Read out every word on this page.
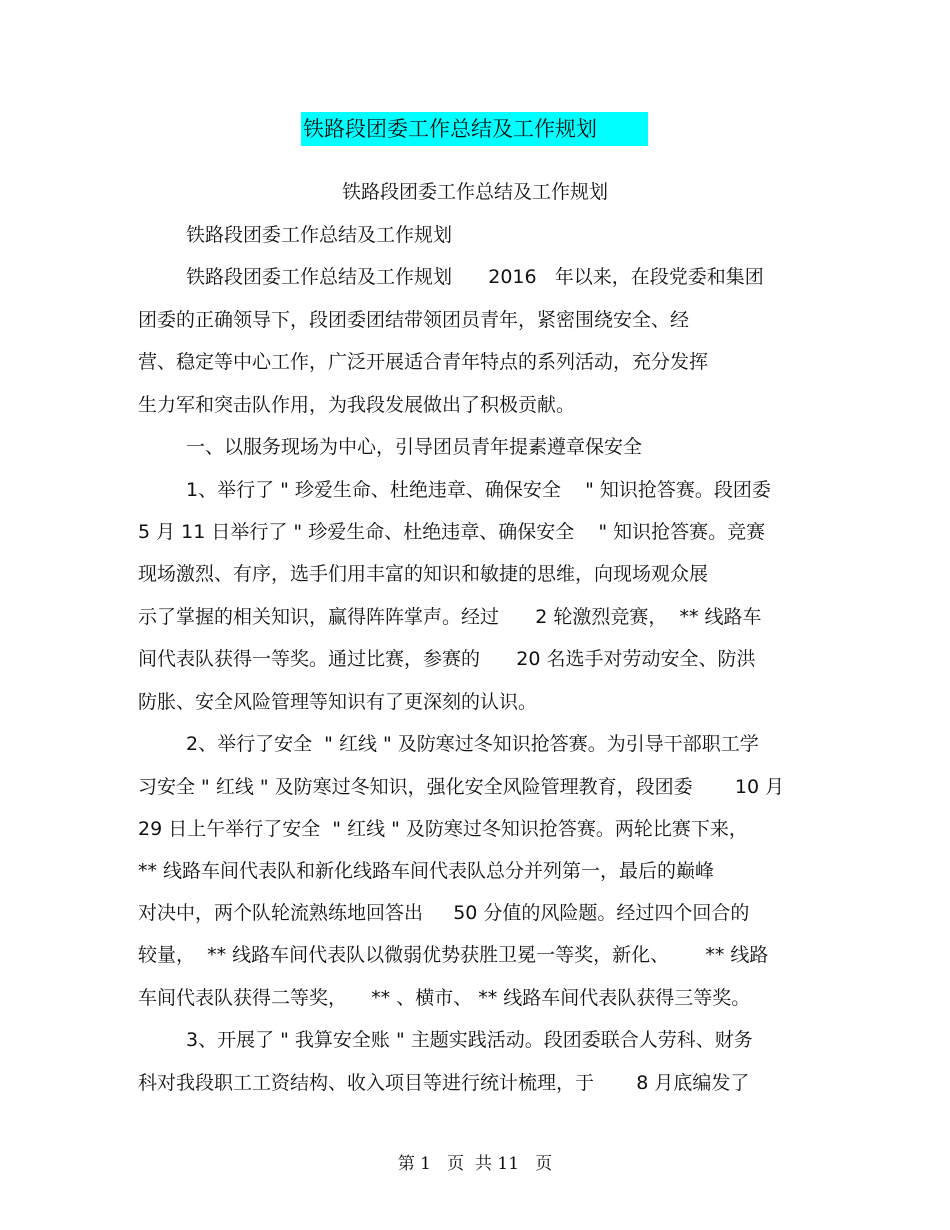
铁路段团委工作总结及工作规划
铁路段团委工作总结及工作规划
铁路段团委工作总结及工作规划
铁路段团委工作总结及工作规划      2016   年以来，在段党委和集团
团委的正确领导下，段团委团结带领团员青年，紧密围绕安全、经
营、稳定等中心工作，广泛开展适合青年特点的系列活动，充分发挥
生力军和突击队作用，为我段发展做出了积极贡献。
一、以服务现场为中心，引导团员青年提素遵章保安全
1、举行了 " 珍爱生命、杜绝违章、确保安全    " 知识抢答赛。段团委
5 月 11 日举行了 " 珍爱生命、杜绝违章、确保安全    " 知识抢答赛。竞赛
现场激烈、有序，选手们用丰富的知识和敏捷的思维，向现场观众展
示了掌握的相关知识，赢得阵阵掌声。经过      2 轮激烈竞赛，  ** 线路车
间代表队获得一等奖。通过比赛，参赛的      20 名选手对劳动安全、防洪
防胀、安全风险管理等知识有了更深刻的认识。
2、举行了安全  " 红线 " 及防寒过冬知识抢答赛。为引导干部职工学
习安全 " 红线 " 及防寒过冬知识，强化安全风险管理教育，段团委       10 月
29 日上午举行了安全  " 红线 " 及防寒过冬知识抢答赛。两轮比赛下来，
** 线路车间代表队和新化线路车间代表队总分并列第一，最后的巅峰
对决中，两个队轮流熟练地回答出     50 分值的风险题。经过四个回合的
较量，  ** 线路车间代表队以微弱优势获胜卫冕一等奖，新化、      ** 线路
车间代表队获得二等奖，    ** 、横市、 ** 线路车间代表队获得三等奖。
3、开展了 " 我算安全账 " 主题实践活动。段团委联合人劳科、财务
科对我段职工工资结构、收入项目等进行统计梳理，于       8 月底编发了
第 1   页  共 11   页
